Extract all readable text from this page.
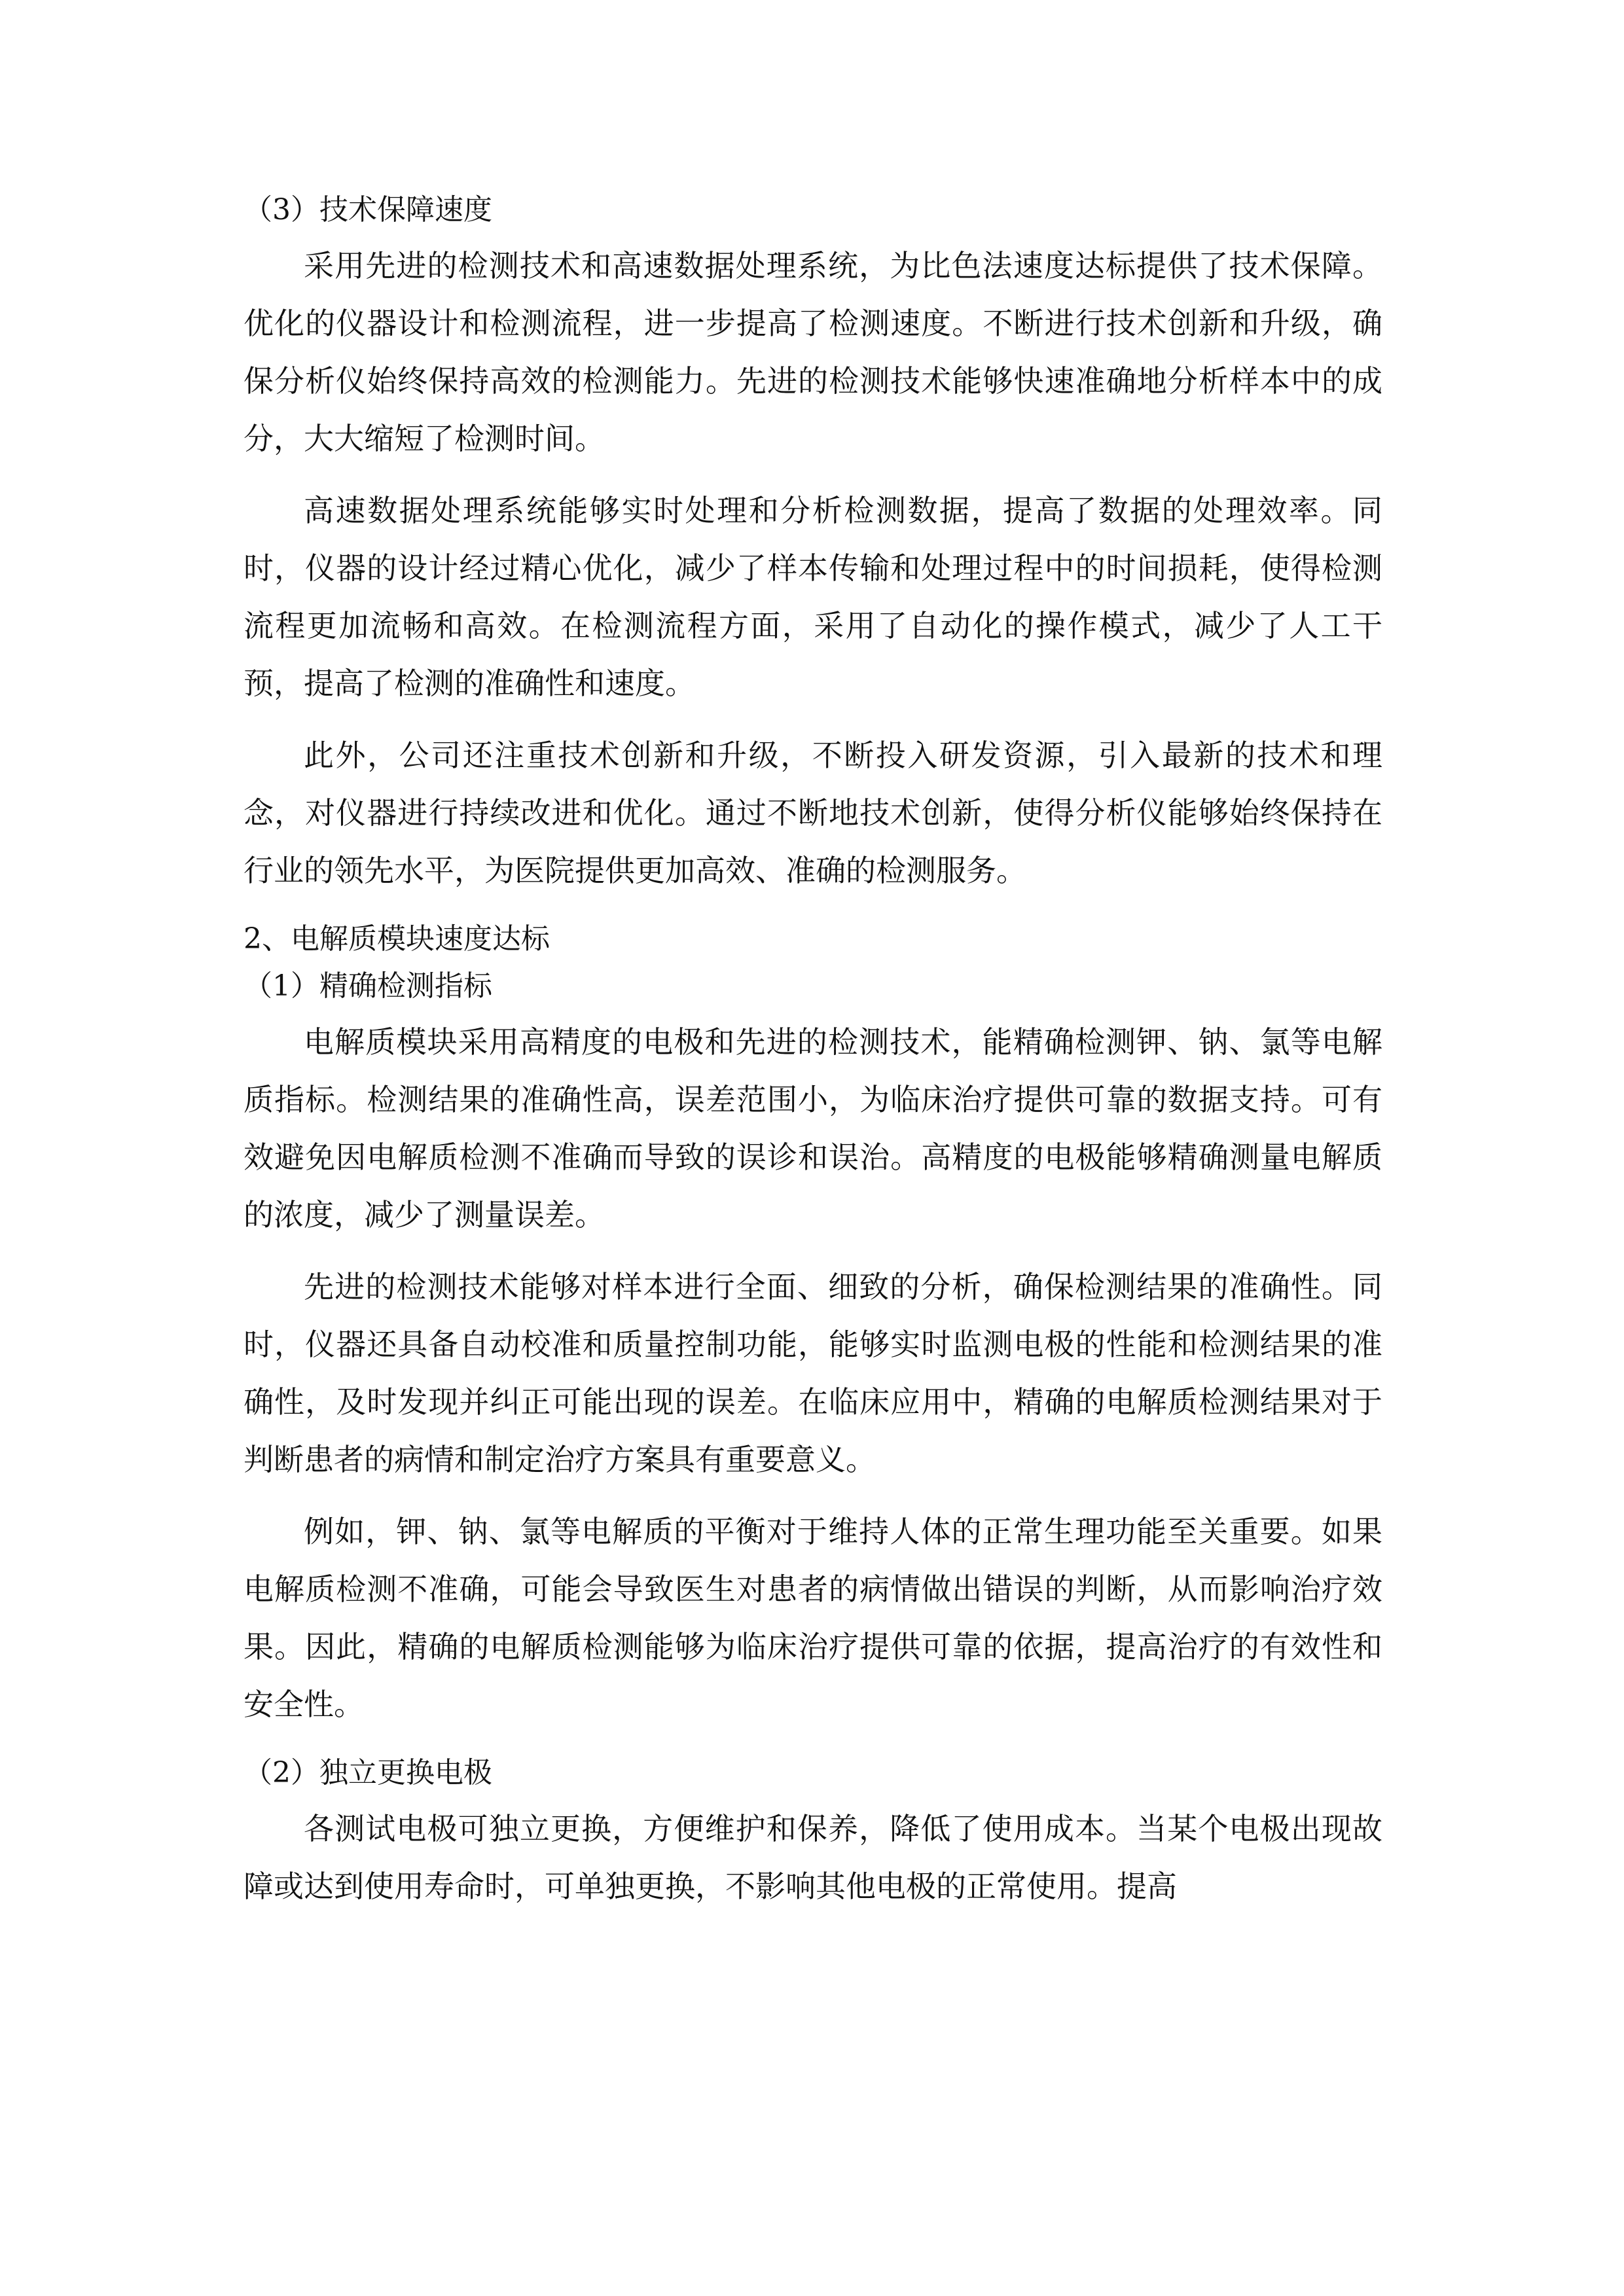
（3）技术保障速度

采用先进的检测技术和高速数据处理系统，为比色法速度达标提供了技术保障。优化的仪器设计和检测流程，进一步提高了检测速度。不断进行技术创新和升级，确保分析仪始终保持高效的检测能力。先进的检测技术能够快速准确地分析样本中的成分，大大缩短了检测时间。

高速数据处理系统能够实时处理和分析检测数据，提高了数据的处理效率。同时，仪器的设计经过精心优化，减少了样本传输和处理过程中的时间损耗，使得检测流程更加流畅和高效。在检测流程方面，采用了自动化的操作模式，减少了人工干预，提高了检测的准确性和速度。

此外，公司还注重技术创新和升级，不断投入研发资源，引入最新的技术和理念，对仪器进行持续改进和优化。通过不断地技术创新，使得分析仪能够始终保持在行业的领先水平，为医院提供更加高效、准确的检测服务。

2、电解质模块速度达标

（1）精确检测指标

电解质模块采用高精度的电极和先进的检测技术，能精确检测钾、钠、氯等电解质指标。检测结果的准确性高，误差范围小，为临床治疗提供可靠的数据支持。可有效避免因电解质检测不准确而导致的误诊和误治。高精度的电极能够精确测量电解质的浓度，减少了测量误差。

先进的检测技术能够对样本进行全面、细致的分析，确保检测结果的准确性。同时，仪器还具备自动校准和质量控制功能，能够实时监测电极的性能和检测结果的准确性，及时发现并纠正可能出现的误差。在临床应用中，精确的电解质检测结果对于判断患者的病情和制定治疗方案具有重要意义。

例如，钾、钠、氯等电解质的平衡对于维持人体的正常生理功能至关重要。如果电解质检测不准确，可能会导致医生对患者的病情做出错误的判断，从而影响治疗效果。因此，精确的电解质检测能够为临床治疗提供可靠的依据，提高治疗的有效性和安全性。

（2）独立更换电极

各测试电极可独立更换，方便维护和保养，降低了使用成本。当某个电极出现故障或达到使用寿命时，可单独更换，不影响其他电极的正常使用。提高
